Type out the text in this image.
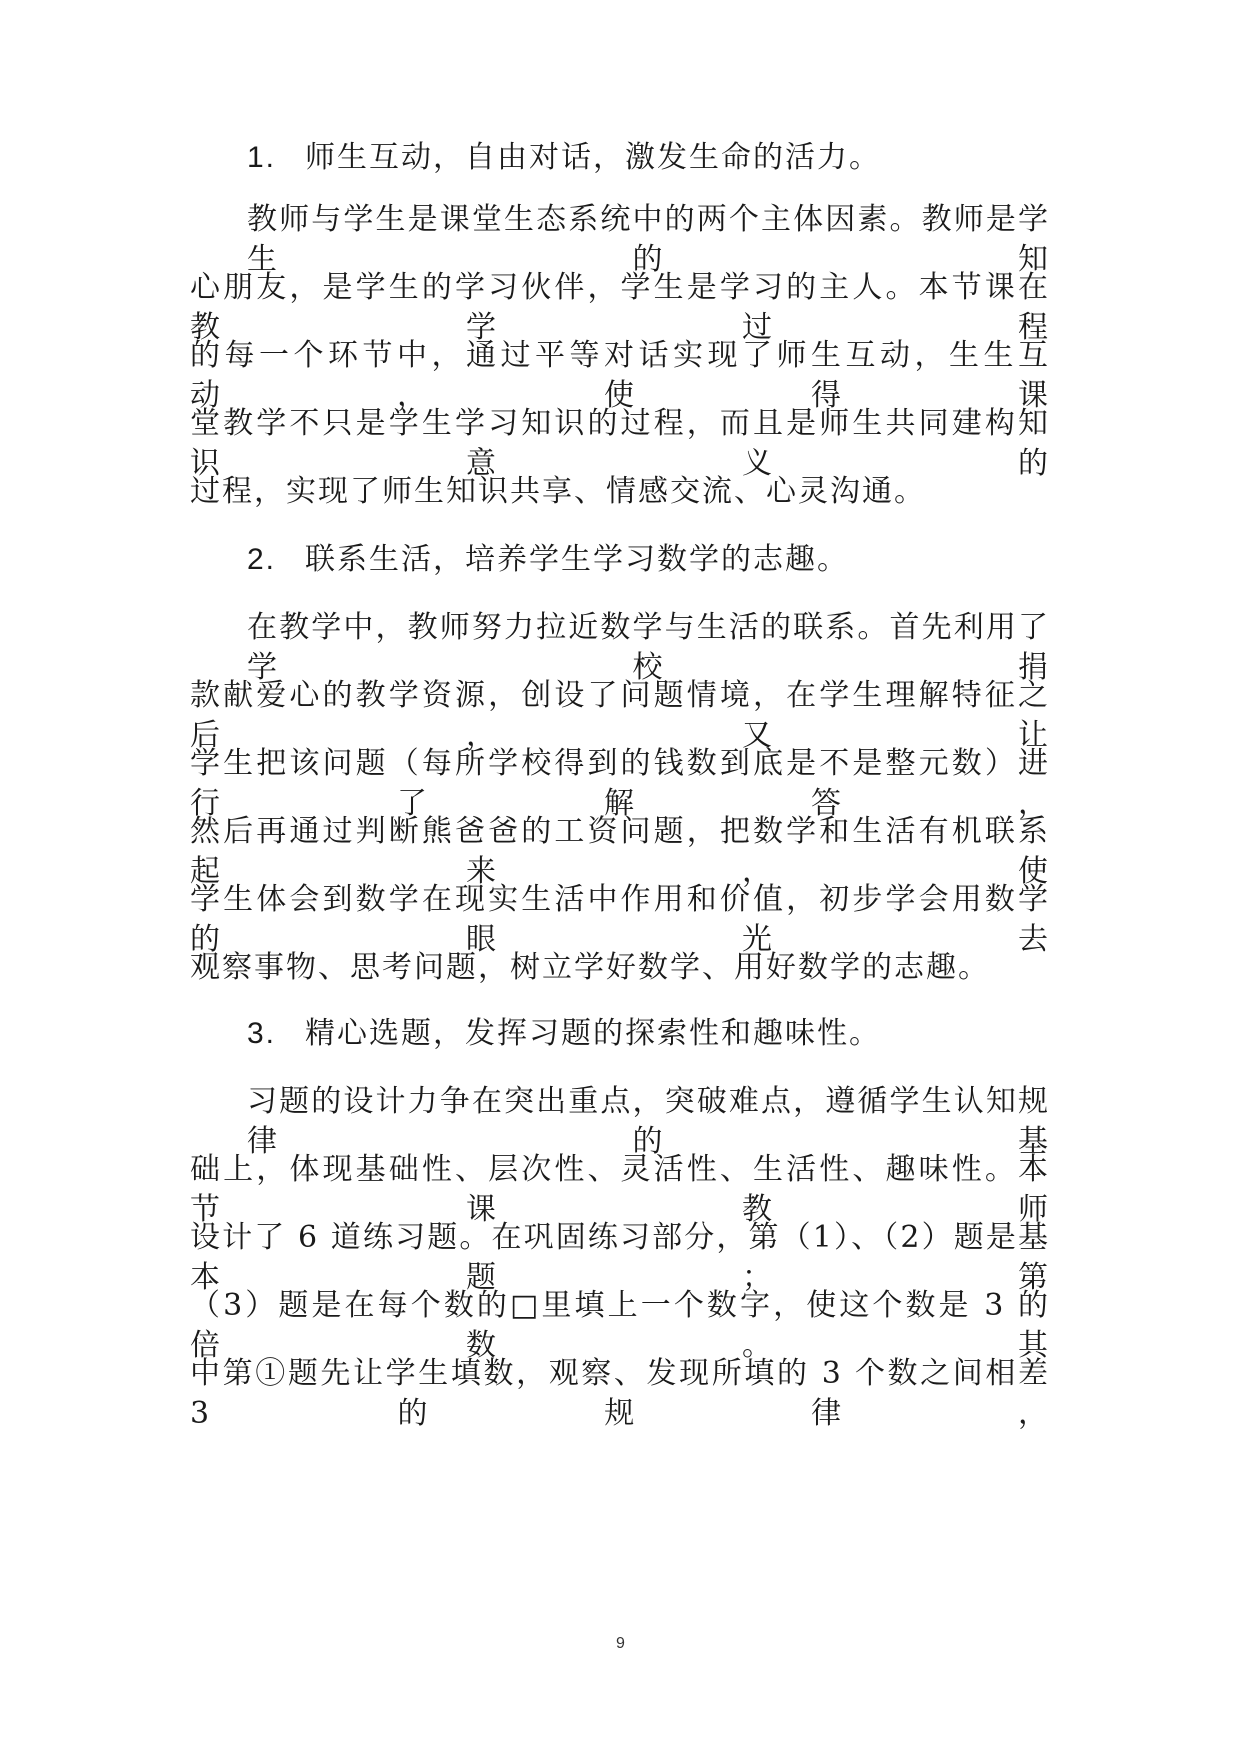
1. 师生互动，自由对话，激发生命的活力。
教师与学生是课堂生态系统中的两个主体因素。教师是学生的知
心朋友，是学生的学习伙伴，学生是学习的主人。本节课在教学过程
的每一个环节中，通过平等对话实现了师生互动，生生互动，使得课
堂教学不只是学生学习知识的过程，而且是师生共同建构知识意义的
过程，实现了师生知识共享、情感交流、心灵沟通。
2. 联系生活，培养学生学习数学的志趣。
在教学中，教师努力拉近数学与生活的联系。首先利用了学校捐
款献爱心的教学资源，创设了问题情境，在学生理解特征之后，又让
学生把该问题（每所学校得到的钱数到底是不是整元数）进行了解答，
然后再通过判断熊爸爸的工资问题，把数学和生活有机联系起来，使
学生体会到数学在现实生活中作用和价值，初步学会用数学的眼光去
观察事物、思考问题，树立学好数学、用好数学的志趣。
3. 精心选题，发挥习题的探索性和趣味性。
习题的设计力争在突出重点，突破难点，遵循学生认知规律的基
础上，体现基础性、层次性、灵活性、生活性、趣味性。本节课教师
设计了 6 道练习题。在巩固练习部分，第（1）、（2）题是基本题；第
（3）题是在每个数的□里填上一个数字，使这个数是 3 的倍数。其
中第①题先让学生填数，观察、发现所填的 3 个数之间相差 3 的规律，
9
